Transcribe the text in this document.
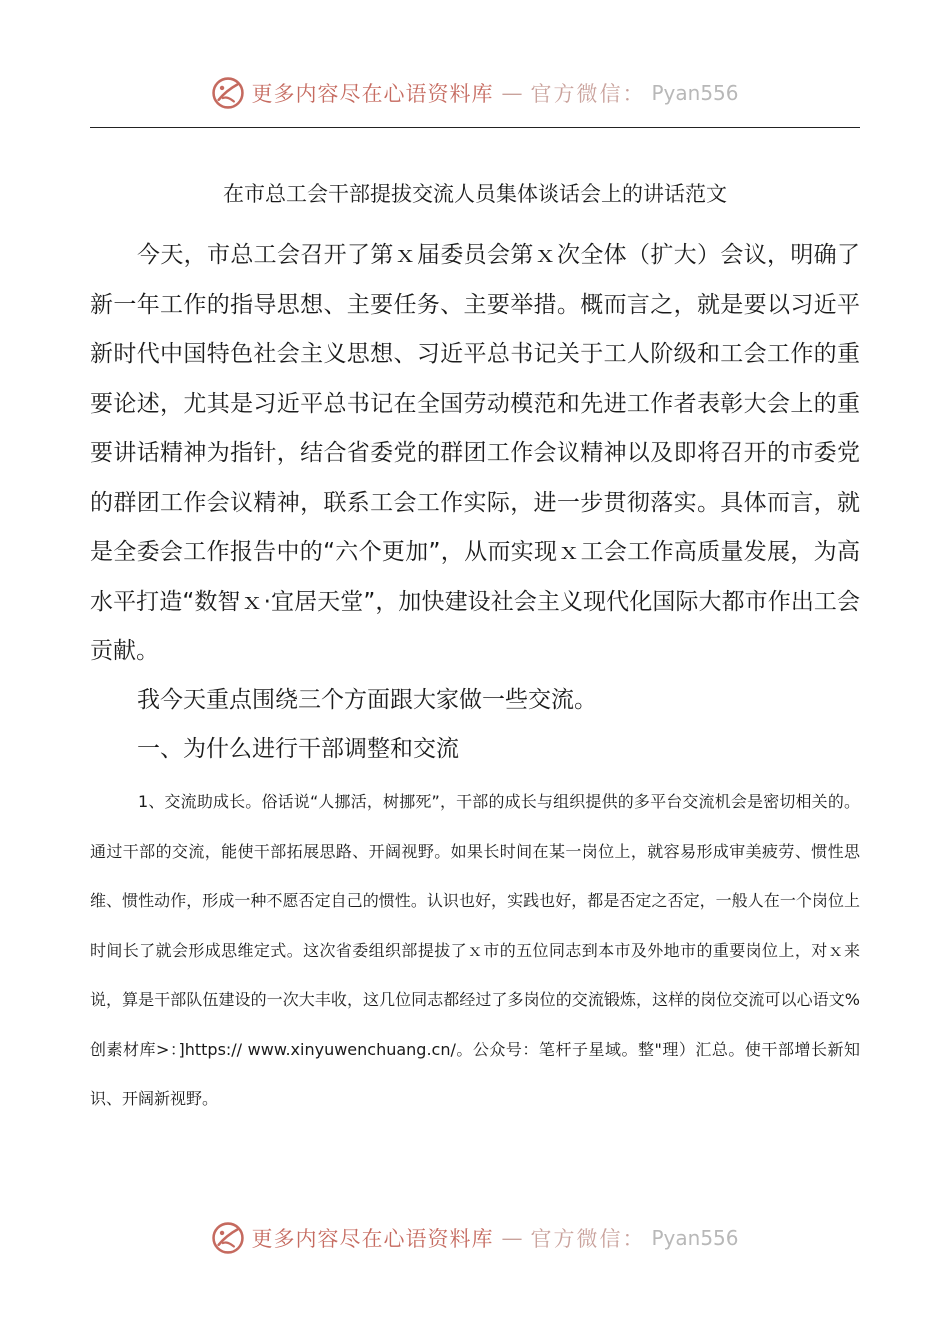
更多内容尽在心语资料库 — 官方微信： Pyan556
在市总工会干部提拔交流人员集体谈话会上的讲话范文

今天，市总工会召开了第ｘ届委员会第ｘ次全体（扩大）会议，明确了新一年工作的指导思想、主要任务、主要举措。概而言之，就是要以习近平新时代中国特色社会主义思想、习近平总书记关于工人阶级和工会工作的重要论述，尤其是习近平总书记在全国劳动模范和先进工作者表彰大会上的重要讲话精神为指针，结合省委党的群团工作会议精神以及即将召开的市委党的群团工作会议精神，联系工会工作实际，进一步贯彻落实。具体而言，就是全委会工作报告中的“六个更加”，从而实现ｘ工会工作高质量发展，为高水平打造“数智ｘ·宜居天堂”，加快建设社会主义现代化国际大都市作出工会贡献。

我今天重点围绕三个方面跟大家做一些交流。

一、为什么进行干部调整和交流

1、交流助成长。俗话说“人挪活，树挪死”，干部的成长与组织提供的多平台交流机会是密切相关的。通过干部的交流，能使干部拓展思路、开阔视野。如果长时间在某一岗位上，就容易形成审美疲劳、惯性思维、惯性动作，形成一种不愿否定自己的惯性。认识也好，实践也好，都是否定之否定，一般人在一个岗位上时间长了就会形成思维定式。这次省委组织部提拔了ｘ市的五位同志到本市及外地市的重要岗位上，对ｘ来说，算是干部队伍建设的一次大丰收，这几位同志都经过了多岗位的交流锻炼，这样的岗位交流可以心语文%创素材库>：]https:// www.xinyuwenchuang.cn/。公众号：笔杆子星域。整"理）汇总。使干部增长新知识、开阔新视野。

更多内容尽在心语资料库 — 官方微信： Pyan556
